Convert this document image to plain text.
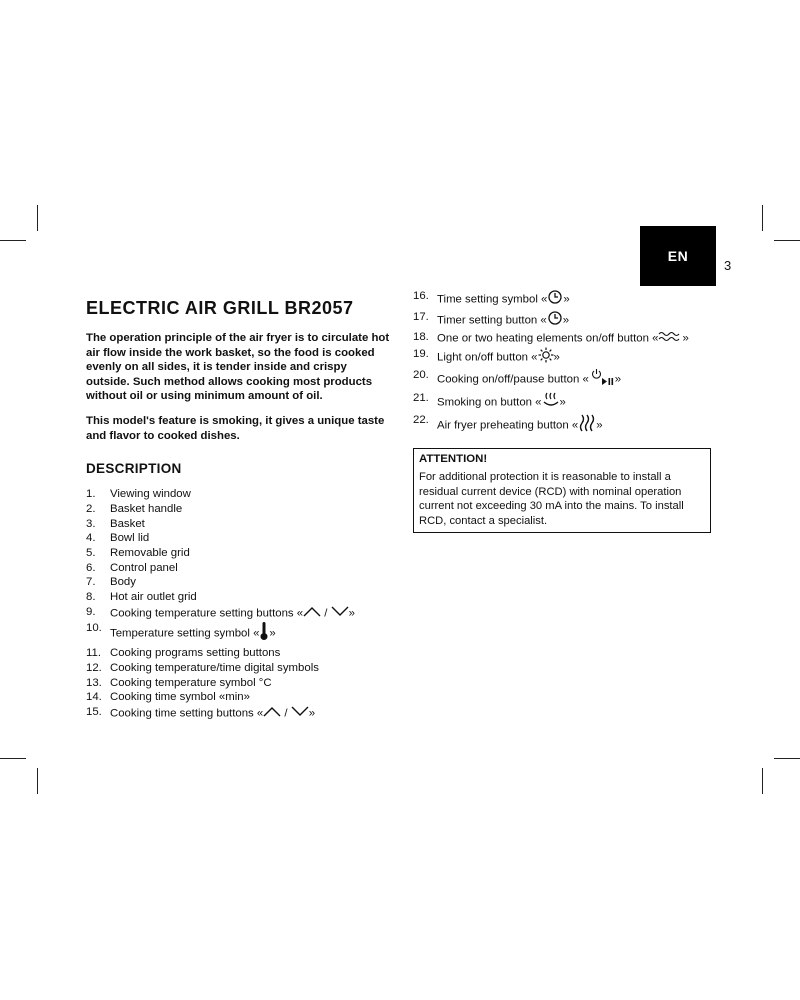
EN
3
ELECTRIC AIR GRILL BR2057

The operation principle of the air fryer is to circulate hot air flow inside the work basket, so the food is cooked evenly on all sides, it is tender inside and crispy outside. Such method allows cooking most products without oil or using minimum amount of oil.

This model's feature is smoking, it gives a unique taste and flavor to cooked dishes.

DESCRIPTION
1.	Viewing window
2.	Basket handle
3.	Basket
4.	Bowl lid
5.	Removable grid
6.	Control panel
7.	Body
8.	Hot air outlet grid
9.	Cooking temperature setting buttons « / »
10. Temperature setting symbol « »
11. Cooking programs setting buttons
12. Cooking temperature/time digital symbols
13. Cooking temperature symbol °C
14. Cooking time symbol «min»
15. Cooking time setting buttons « / »
16. Time setting symbol « »
17. Timer setting button « »
18. One or two heating elements on/off button « »
19. Light on/off button « »
20. Cooking on/off/pause button « »
21. Smoking on button « »
22. Air fryer preheating button « »

ATTENTION!

For additional protection it is reasonable to install a residual current device (RCD) with nominal operation current not exceeding 30 mA into the mains. To install RCD, contact a specialist.
